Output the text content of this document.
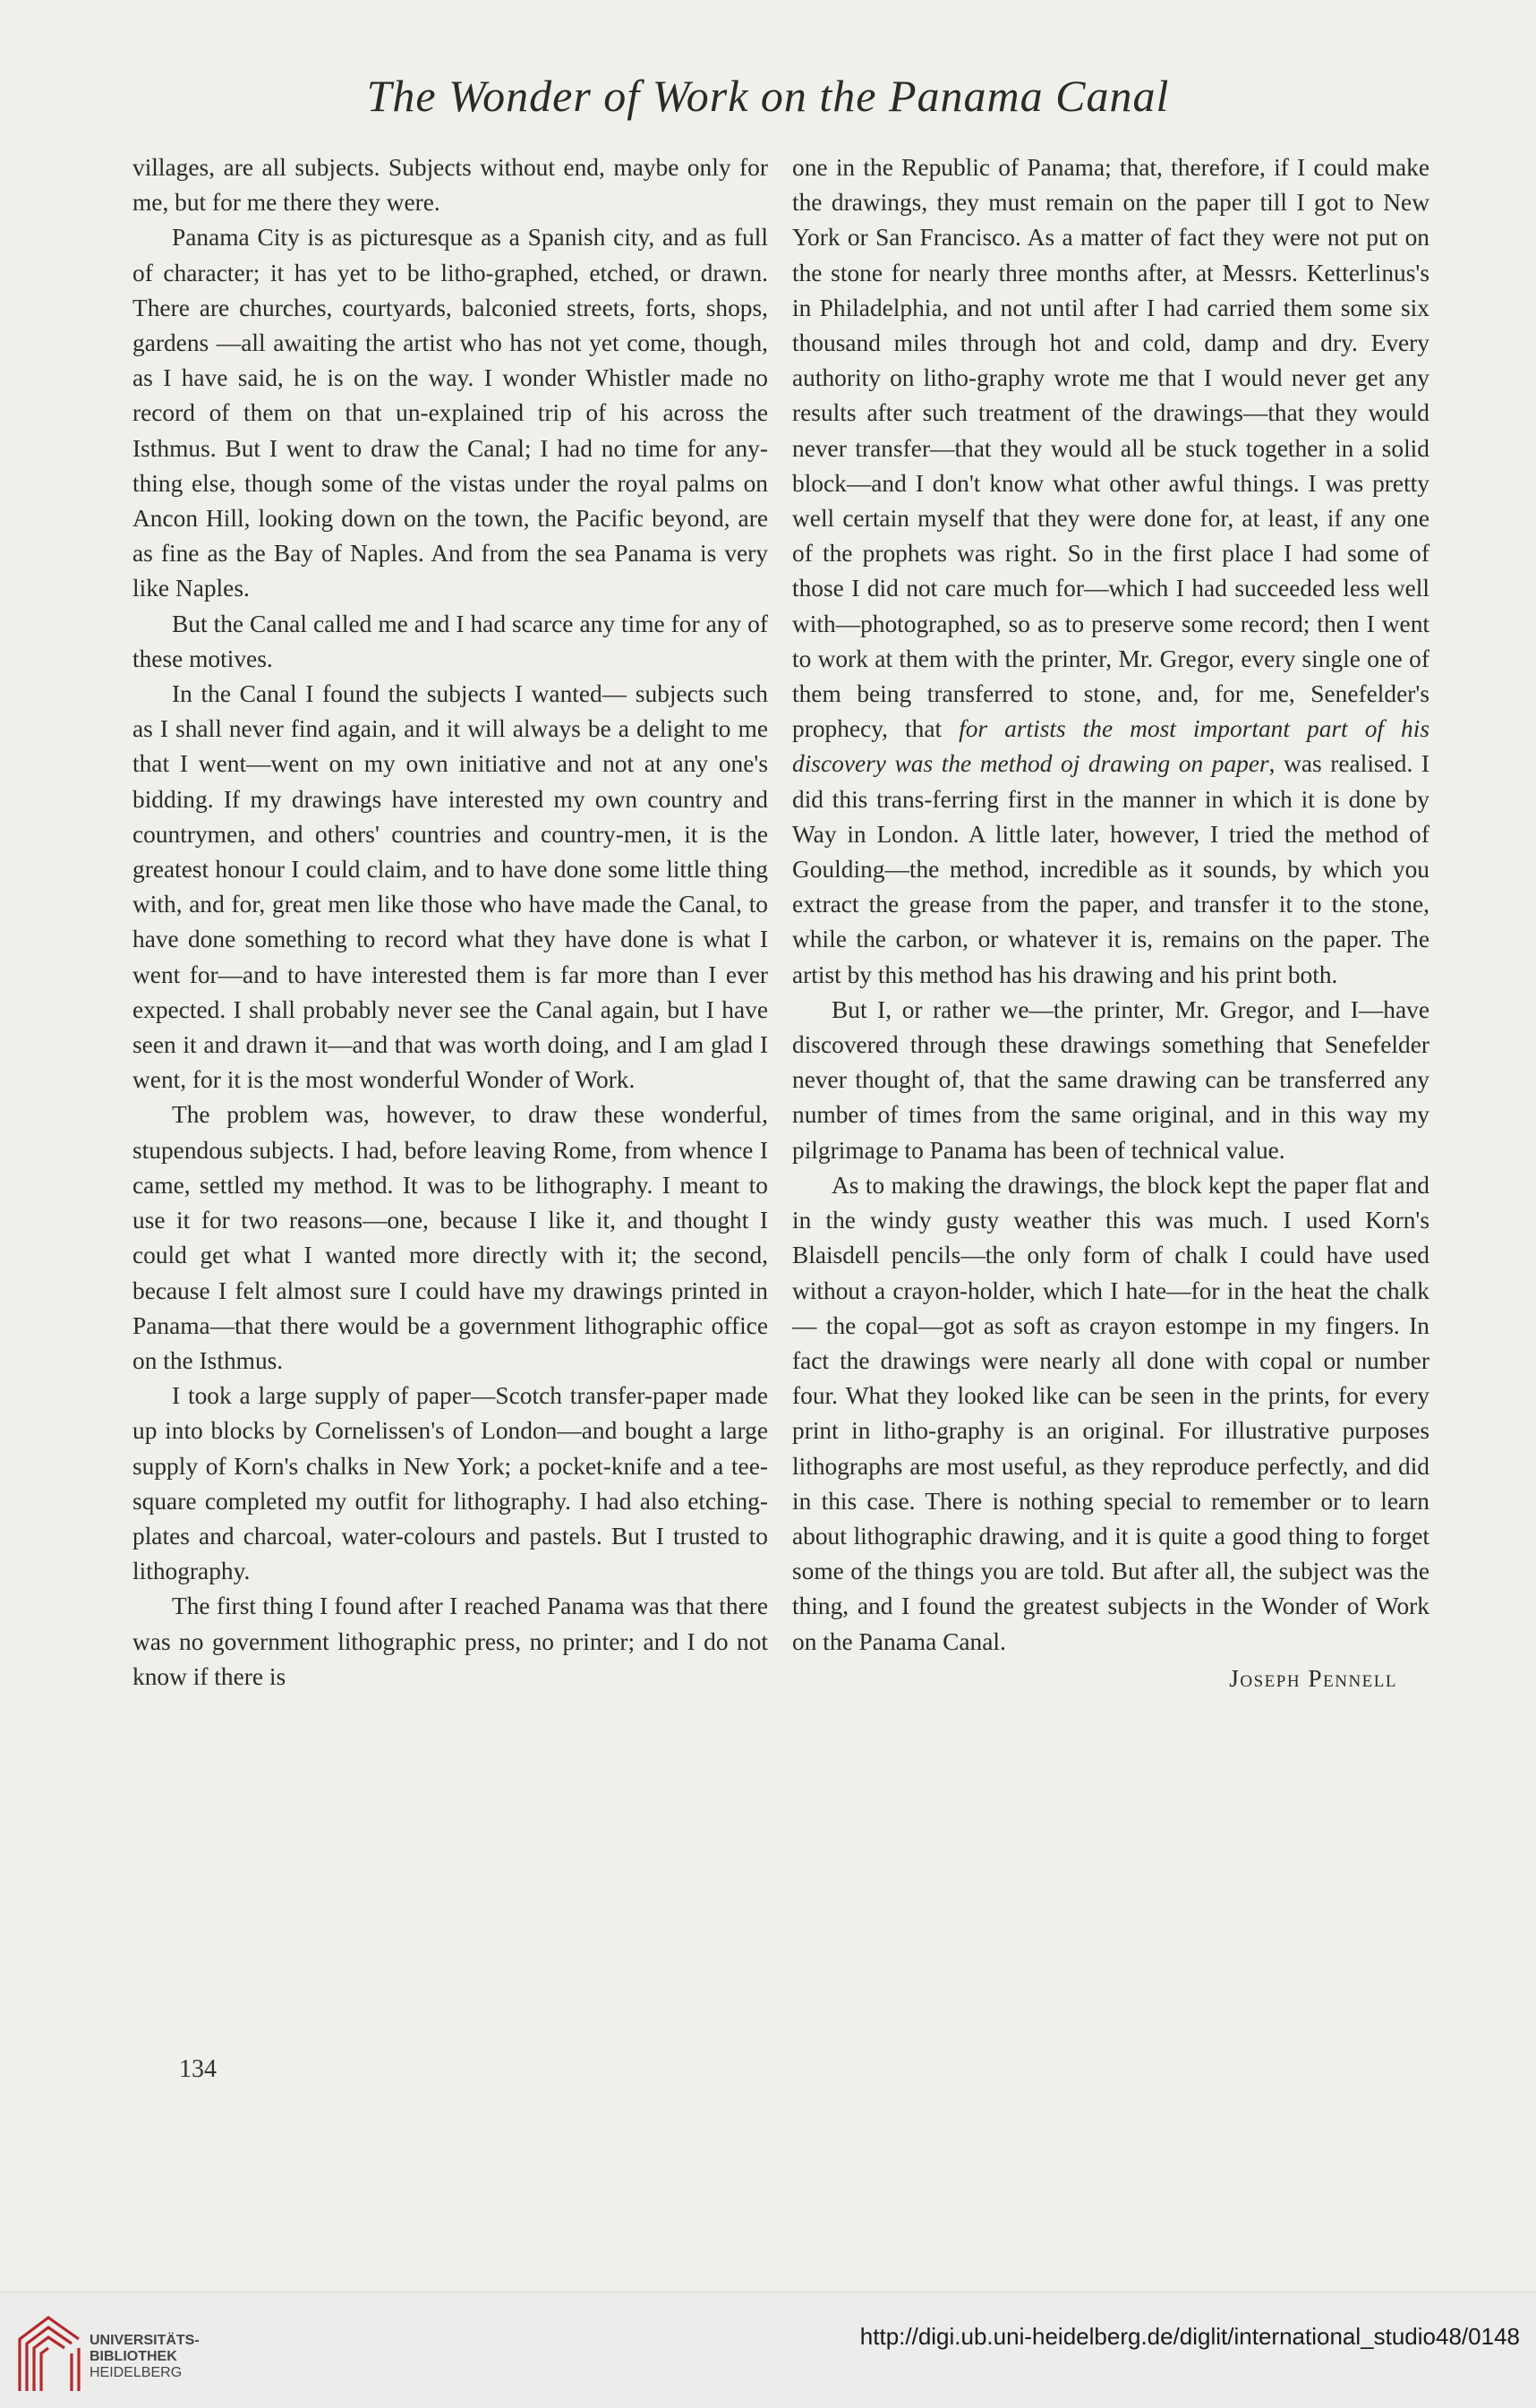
The Wonder of Work on the Panama Canal

villages, are all subjects. Subjects without end, maybe only for me, but for me there they were.

Panama City is as picturesque as a Spanish city, and as full of character; it has yet to be litho-graphed, etched, or drawn. There are churches, courtyards, balconied streets, forts, shops, gardens —all awaiting the artist who has not yet come, though, as I have said, he is on the way. I wonder Whistler made no record of them on that un-explained trip of his across the Isthmus. But I went to draw the Canal; I had no time for any-thing else, though some of the vistas under the royal palms on Ancon Hill, looking down on the town, the Pacific beyond, are as fine as the Bay of Naples. And from the sea Panama is very like Naples.

But the Canal called me and I had scarce any time for any of these motives.

In the Canal I found the subjects I wanted— subjects such as I shall never find again, and it will always be a delight to me that I went—went on my own initiative and not at any one's bidding. If my drawings have interested my own country and countrymen, and others' countries and country-men, it is the greatest honour I could claim, and to have done some little thing with, and for, great men like those who have made the Canal, to have done something to record what they have done is what I went for—and to have interested them is far more than I ever expected. I shall probably never see the Canal again, but I have seen it and drawn it—and that was worth doing, and I am glad I went, for it is the most wonderful Wonder of Work.

The problem was, however, to draw these wonderful, stupendous subjects. I had, before leaving Rome, from whence I came, settled my method. It was to be lithography. I meant to use it for two reasons—one, because I like it, and thought I could get what I wanted more directly with it; the second, because I felt almost sure I could have my drawings printed in Panama—that there would be a government lithographic office on the Isthmus.

I took a large supply of paper—Scotch transfer-paper made up into blocks by Cornelissen's of London—and bought a large supply of Korn's chalks in New York; a pocket-knife and a tee-square completed my outfit for lithography. I had also etching-plates and charcoal, water-colours and pastels. But I trusted to lithography.

The first thing I found after I reached Panama was that there was no government lithographic press, no printer; and I do not know if there is

one in the Republic of Panama; that, therefore, if I could make the drawings, they must remain on the paper till I got to New York or San Francisco. As a matter of fact they were not put on the stone for nearly three months after, at Messrs. Ketterlinus's in Philadelphia, and not until after I had carried them some six thousand miles through hot and cold, damp and dry. Every authority on litho-graphy wrote me that I would never get any results after such treatment of the drawings—that they would never transfer—that they would all be stuck together in a solid block—and I don't know what other awful things. I was pretty well certain myself that they were done for, at least, if any one of the prophets was right. So in the first place I had some of those I did not care much for—which I had succeeded less well with—photographed, so as to preserve some record; then I went to work at them with the printer, Mr. Gregor, every single one of them being transferred to stone, and, for me, Senefelder's prophecy, that for artists the most important part of his discovery was the method oj drawing on paper, was realised. I did this trans-ferring first in the manner in which it is done by Way in London. A little later, however, I tried the method of Goulding—the method, incredible as it sounds, by which you extract the grease from the paper, and transfer it to the stone, while the carbon, or whatever it is, remains on the paper. The artist by this method has his drawing and his print both.

But I, or rather we—the printer, Mr. Gregor, and I—have discovered through these drawings something that Senefelder never thought of, that the same drawing can be transferred any number of times from the same original, and in this way my pilgrimage to Panama has been of technical value.

As to making the drawings, the block kept the paper flat and in the windy gusty weather this was much. I used Korn's Blaisdell pencils—the only form of chalk I could have used without a crayon-holder, which I hate—for in the heat the chalk— the copal—got as soft as crayon estompe in my fingers. In fact the drawings were nearly all done with copal or number four. What they looked like can be seen in the prints, for every print in litho-graphy is an original. For illustrative purposes lithographs are most useful, as they reproduce perfectly, and did in this case. There is nothing special to remember or to learn about lithographic drawing, and it is quite a good thing to forget some of the things you are told. But after all, the subject was the thing, and I found the greatest subjects in the Wonder of Work on the Panama Canal.

Joseph Pennell
134
UNIVERSITÄTS-
BIBLIOTHEK
HEIDELBERG
http://digi.ub.uni-heidelberg.de/diglit/international_studio48/0148
